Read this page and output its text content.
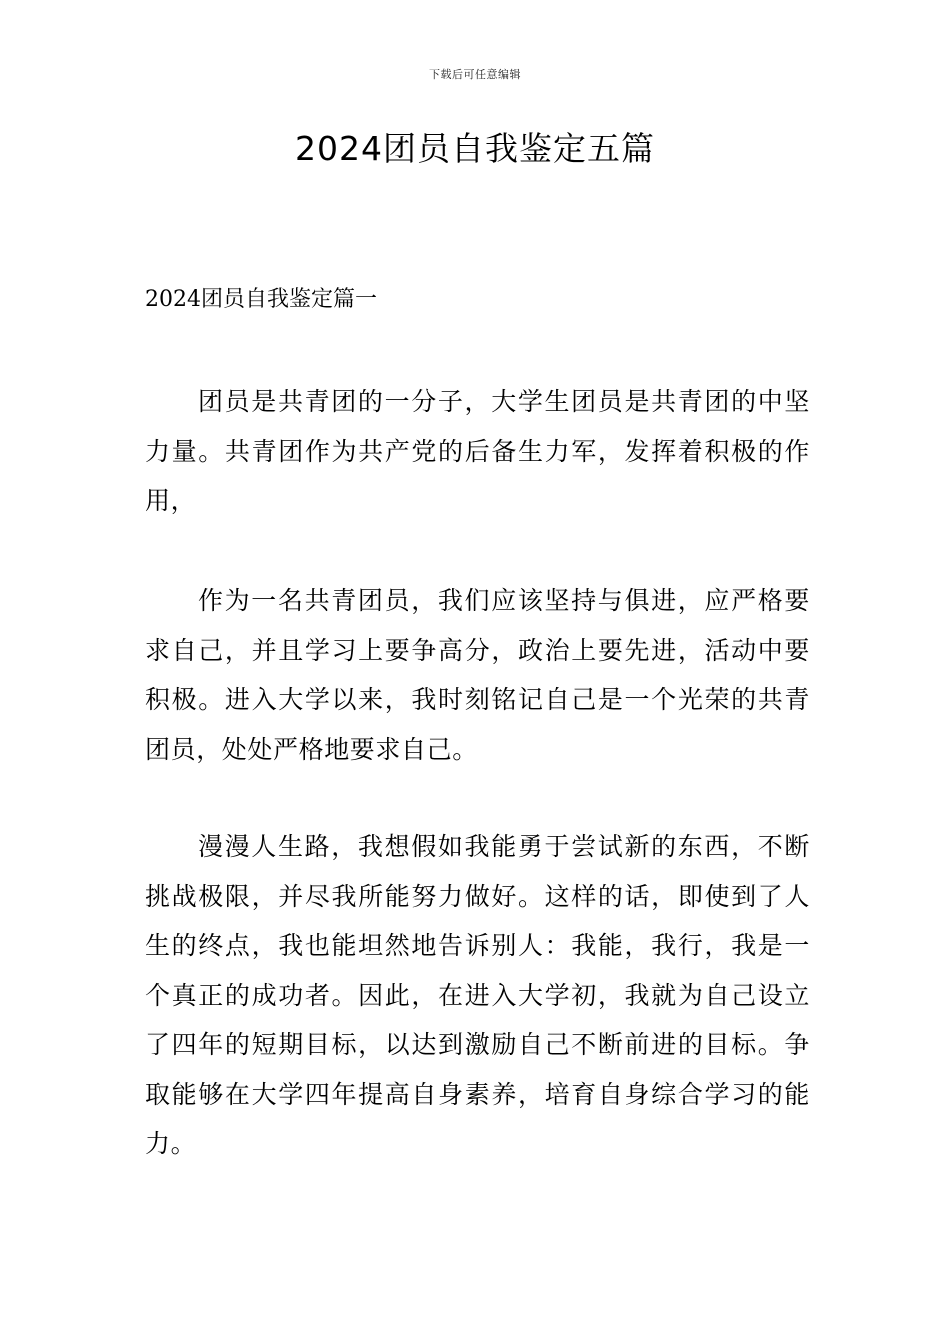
下载后可任意编辑
2024团员自我鉴定五篇
2024团员自我鉴定篇一

团员是共青团的一分子，大学生团员是共青团的中坚力量。共青团作为共产党的后备生力军，发挥着积极的作用，

作为一名共青团员，我们应该坚持与俱进，应严格要求自己，并且学习上要争高分，政治上要先进，活动中要积极。进入大学以来，我时刻铭记自己是一个光荣的共青团员，处处严格地要求自己。

漫漫人生路，我想假如我能勇于尝试新的东西，不断挑战极限，并尽我所能努力做好。这样的话，即使到了人生的终点，我也能坦然地告诉别人：我能，我行，我是一个真正的成功者。因此，在进入大学初，我就为自己设立了四年的短期目标，以达到激励自己不断前进的目标。争取能够在大学四年提高自身素养，培育自身综合学习的能力。
